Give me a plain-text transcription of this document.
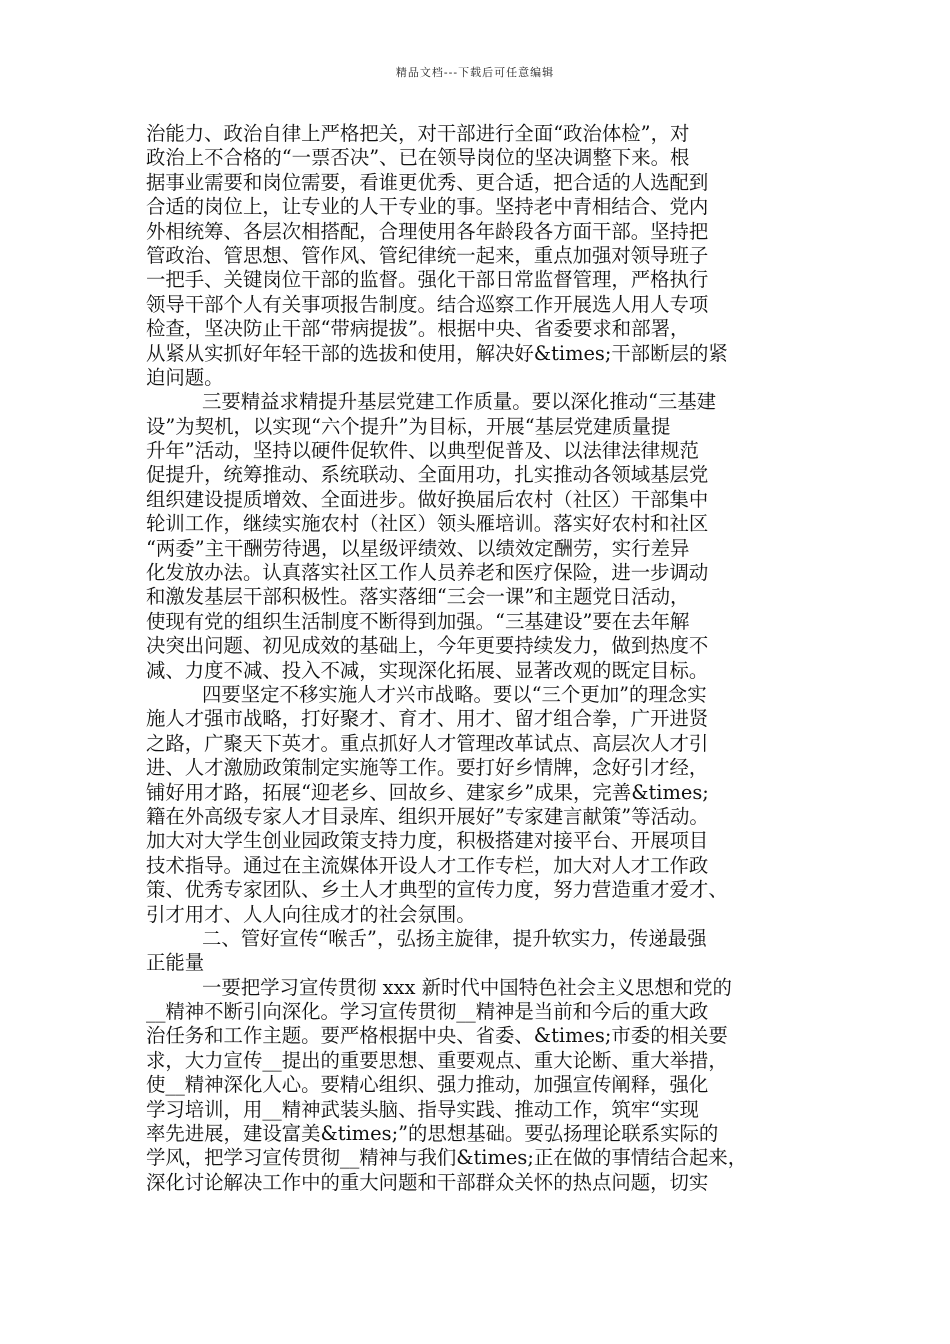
精品文档---下载后可任意编辑
治能力、政治自律上严格把关，对干部进行全面“政治体检”，对
政治上不合格的“一票否决”、已在领导岗位的坚决调整下来。根
据事业需要和岗位需要，看谁更优秀、更合适，把合适的人选配到
合适的岗位上，让专业的人干专业的事。坚持老中青相结合、党内
外相统筹、各层次相搭配，合理使用各年龄段各方面干部。坚持把
管政治、管思想、管作风、管纪律统一起来，重点加强对领导班子
一把手、关键岗位干部的监督。强化干部日常监督管理，严格执行
领导干部个人有关事项报告制度。结合巡察工作开展选人用人专项
检查，坚决防止干部“带病提拔”。根据中央、省委要求和部署，
从紧从实抓好年轻干部的选拔和使用，解决好&times;干部断层的紧
迫问题。
三要精益求精提升基层党建工作质量。要以深化推动“三基建
设”为契机，以实现“六个提升”为目标，开展“基层党建质量提
升年”活动，坚持以硬件促软件、以典型促普及、以法律法律规范
促提升，统筹推动、系统联动、全面用功，扎实推动各领域基层党
组织建设提质增效、全面进步。做好换届后农村（社区）干部集中
轮训工作，继续实施农村（社区）领头雁培训。落实好农村和社区
“两委”主干酬劳待遇，以星级评绩效、以绩效定酬劳，实行差异
化发放办法。认真落实社区工作人员养老和医疗保险，进一步调动
和激发基层干部积极性。落实落细“三会一课”和主题党日活动，
使现有党的组织生活制度不断得到加强。“三基建设”要在去年解
决突出问题、初见成效的基础上，今年更要持续发力，做到热度不
减、力度不减、投入不减，实现深化拓展、显著改观的既定目标。
四要坚定不移实施人才兴市战略。要以“三个更加”的理念实
施人才强市战略，打好聚才、育才、用才、留才组合拳，广开进贤
之路，广聚天下英才。重点抓好人才管理改革试点、高层次人才引
进、人才激励政策制定实施等工作。要打好乡情牌，念好引才经，
铺好用才路，拓展“迎老乡、回故乡、建家乡”成果，完善&times;
籍在外高级专家人才目录库、组织开展好”专家建言献策”等活动。
加大对大学生创业园政策支持力度，积极搭建对接平台、开展项目
技术指导。通过在主流媒体开设人才工作专栏，加大对人才工作政
策、优秀专家团队、乡土人才典型的宣传力度，努力营造重才爱才、
引才用才、人人向往成才的社会氛围。
二、管好宣传“喉舌”，弘扬主旋律，提升软实力，传递最强
正能量
一要把学习宣传贯彻 xxx 新时代中国特色社会主义思想和党的
__精神不断引向深化。学习宣传贯彻__精神是当前和今后的重大政
治任务和工作主题。要严格根据中央、省委、&times;市委的相关要
求，大力宣传__提出的重要思想、重要观点、重大论断、重大举措，
使__精神深化人心。要精心组织、强力推动，加强宣传阐释，强化
学习培训，用__精神武装头脑、指导实践、推动工作，筑牢“实现
率先进展，建设富美&times;”的思想基础。要弘扬理论联系实际的
学风，把学习宣传贯彻__精神与我们&times;正在做的事情结合起来，
深化讨论解决工作中的重大问题和干部群众关怀的热点问题，切实
